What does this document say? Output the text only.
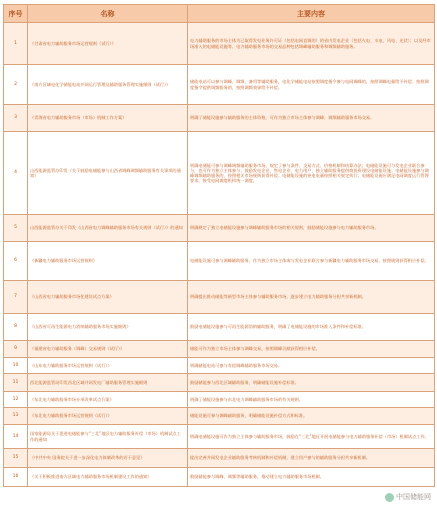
序号	名称	主要内容
1	《甘肃省电力辅助服务市场运营规则（试行）》	电力辅助服务的市场主体为已取得发电业务许可证（包括电网直调的）的省内发电企业（包括火电、水电、风电、光伏）；以及经市场准入的电储能设施等。电力辅助服务市场的交易品种包括调峰辅助服务和调频辅助服务。
2	《南方区域电化学储能电站并网运行管理及辅助服务管理实施细则（试行）》	储能电站可以参与调峰、调频、备用等辅助服务，电化学储能电站按照调度指令参与电网调峰的，按照调峰电量给予补偿；按照调度指令提供调频服务的，按照调频效果给予补偿。
3	《青海省电力辅助服务市场（市场）机制工作方案》	明确了储能设施参与辅助服务的主体资格，可作为独立市场主体参与调峰、调频辅助服务市场交易。
4	山西能源监管办印发《关于鼓励电储能参与山西省调峰调频辅助服务有关事项的通知》	明确电储能可参与调峰调频辅助服务市场，规定了参与条件、交易方式、价格机制和结算办法；电储能设施可与发电企业联合参与，也可作为独立主体参与；鼓励发电企业、售电企业、电力用户、独立辅助服务提供商投资建设电储能设施；电储能设施参与调峰调频辅助服务的，按照相关市场规则获得补偿；电储能设施的充电电量按照相关规定执行；电储能设施应满足电网调度运行管理要求，接受电网调度机构统一调度。
5	山西能源监管办关于印发《山西省电力调峰辅助服务市场有关规则（试行）》的通知	明确规定了独立电储能设施参与调峰辅助服务市场的相关规则，鼓励储能设施参与电力辅助服务市场。
6	《新疆电力辅助服务市场运营规则》	电储能设施可参与调峰辅助服务，作为独立市场主体或与发电企业联合参与新疆电力辅助服务市场交易，按照规则获得相应补偿。
7	《山西省电力辅助服务市场化建设试点方案》	明确提出推动储能等新型市场主体参与辅助服务市场，逐步建立电力辅助服务分担共享新机制。
8	《山西省可再生能源电力消纳辅助服务市场实施细则》	鼓励电储能设施参与可再生能源消纳辅助服务，明确了电储能设施的市场准入条件和补偿标准。
9	《福建省电力辅助服务（调峰）交易规则（试行）》	储能可作为独立市场主体参与调峰交易，按照调峰贡献获得相应补偿。
10	《山东电力辅助服务市场运营规则（试行）》	明确储能电站可参与有偿调峰辅助服务市场交易。
11	西北能源监管局印发西北区域并网发电厂辅助服务管理实施细则	鼓励储能参与西北区域辅助服务，明确储能设施补偿标准。
12	《东北电力辅助服务市场专项改革试点方案》	明确了储能设施参与东北电力调峰辅助服务市场的有关规则。
13	《东北电力辅助服务市场运营规则（试行）》	储能设施可参与调峰辅助服务，明确储能设施补偿方式和标准。
14	国家能源局关于促进电储能参与“三北”地区电力辅助服务补偿（市场）机制试点工作的通知	明确电储能设施可作为独立主体参与辅助服务市场，鼓励在“三北”地区开展电储能参与电力辅助服务补偿（市场）机制试点工作。
15	《中共中央 国务院关于进一步深化电力体制改革的若干意见》	提出完善并网发电企业辅助服务考核机制和补偿机制，建立用户参与的辅助服务分担共享新机制。
16	《关于积极推进南方区域电力辅助服务市场机制建设工作的通知》	鼓励储能参与调峰、调频等辅助服务，推动建立电力辅助服务市场机制。
中国储能网
